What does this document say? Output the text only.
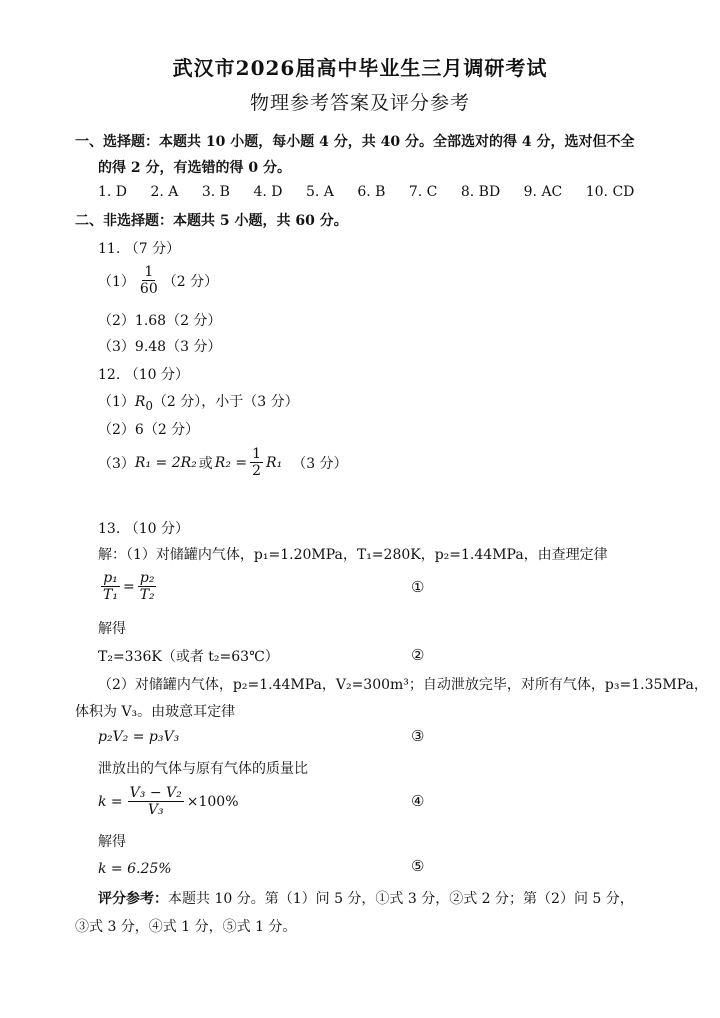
武汉市2026届高中毕业生三月调研考试
物理参考答案及评分参考
一、选择题：本题共 10 小题，每小题 4 分，共 40 分。全部选对的得 4 分，选对但不全
的得 2 分，有选错的得 0 分。
1. D 2. A 3. B 4. D 5. A 6. B 7. C 8. BD 9. AC 10. CD
二、非选择题：本题共 5 小题，共 60 分。
11. （7 分）
$(1) \frac{1}{60} (2$ 分）
（2）1.68（2 分）
（3）9.48（3 分）
12. （10 分）
$(1)R_0(2$ 分），小于（3 分）
（2）6（2 分）
（3） R₁ = 2R₂ 或 $R_2 = \frac{1}{2} R_1$ （3 分）
13. （10 分）
解：（1）对储罐内气体，p₁=1.20MPa，T₁=280K，p₂=1.44MPa，由查理定律
$\frac{\text{p₁}}{\text{T₁}} = \frac{\text{p₂}}{\text{T₂}}$	①
解得
T₂=336K（或者 t₂=63℃）	②
（2）对储罐内气体，p₂=1.44MPa，V₂=300m³；自动泄放完毕，对所有气体，p₃=1.35MPa，
体积为 V₃。由玻意耳定律
p₂V₂ = p₃V₃	③
泄放出的气体与原有气体的质量比
$k = \frac{\text{V₃ − V₂}}{\text{V₃}} \times 100\%$	④
解得
k = 6.25%	⑤
评分参考：本题共 10 分。第（1）问 5 分，①式 3 分，②式 2 分；第（2）问 5 分，
③式 3 分，④式 1 分，⑤式 1 分。
